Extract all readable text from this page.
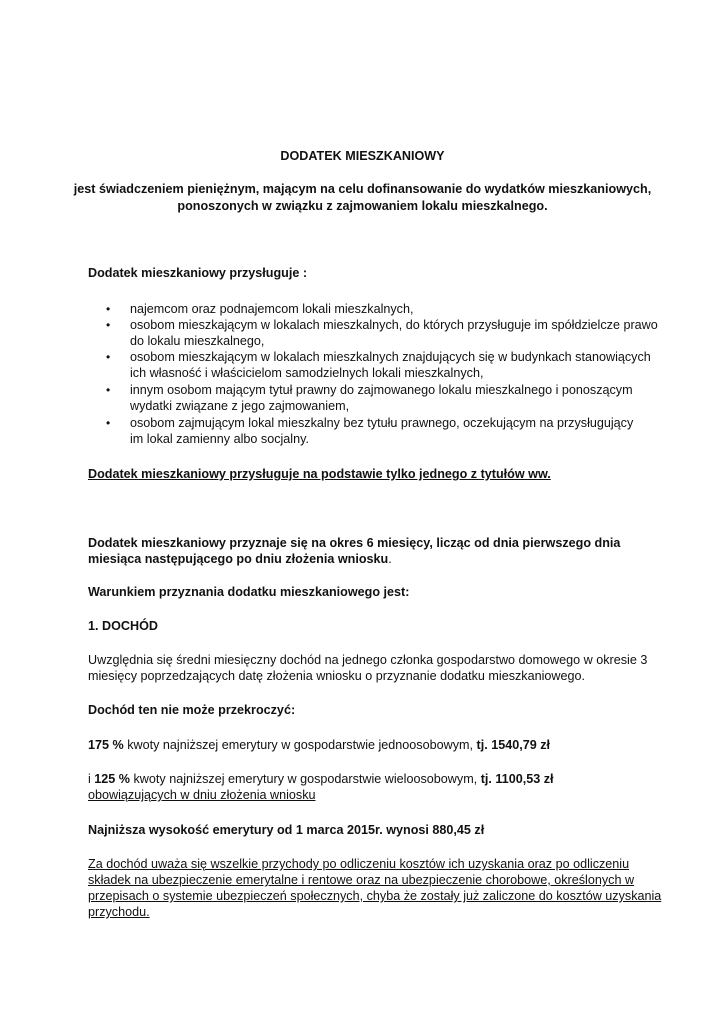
DODATEK MIESZKANIOWY
jest świadczeniem pieniężnym, mającym na celu dofinansowanie do wydatków mieszkaniowych,
ponoszonych w związku z zajmowaniem lokalu mieszkalnego.
Dodatek mieszkaniowy przysługuje :
• najemcom oraz podnajemcom lokali mieszkalnych,
• osobom mieszkającym w lokalach mieszkalnych, do których przysługuje im spółdzielcze prawo
do lokalu mieszkalnego,
• osobom mieszkającym w lokalach mieszkalnych znajdujących się w budynkach stanowiących
ich własność i właścicielom samodzielnych lokali mieszkalnych,
• innym osobom mającym tytuł prawny do zajmowanego lokalu mieszkalnego i ponoszącym
wydatki związane z jego zajmowaniem,
• osobom zajmującym lokal mieszkalny bez tytułu prawnego, oczekującym na przysługujący
im lokal zamienny albo socjalny.
Dodatek mieszkaniowy przysługuje na podstawie tylko jednego z tytułów ww.
Dodatek mieszkaniowy przyznaje się na okres 6 miesięcy, licząc od dnia pierwszego dnia
miesiąca następującego po dniu złożenia wniosku.
Warunkiem przyznania dodatku mieszkaniowego jest:
1. DOCHÓD
Uwzględnia się średni miesięczny dochód na jednego członka gospodarstwo domowego w okresie 3
miesięcy poprzedzających datę złożenia wniosku o przyznanie dodatku mieszkaniowego.
Dochód ten nie może przekroczyć:
175 % kwoty najniższej emerytury w gospodarstwie jednoosobowym, tj. 1540,79 zł
i 125 % kwoty najniższej emerytury w gospodarstwie wieloosobowym, tj. 1100,53 zł
obowiązujących w dniu złożenia wniosku
Najniższa wysokość emerytury od 1 marca 2015r. wynosi 880,45 zł
Za dochód uważa się wszelkie przychody po odliczeniu kosztów ich uzyskania oraz po odliczeniu
składek na ubezpieczenie emerytalne i rentowe oraz na ubezpieczenie chorobowe, określonych w
przepisach o systemie ubezpieczeń społecznych, chyba że zostały już zaliczone do kosztów uzyskania
przychodu.
